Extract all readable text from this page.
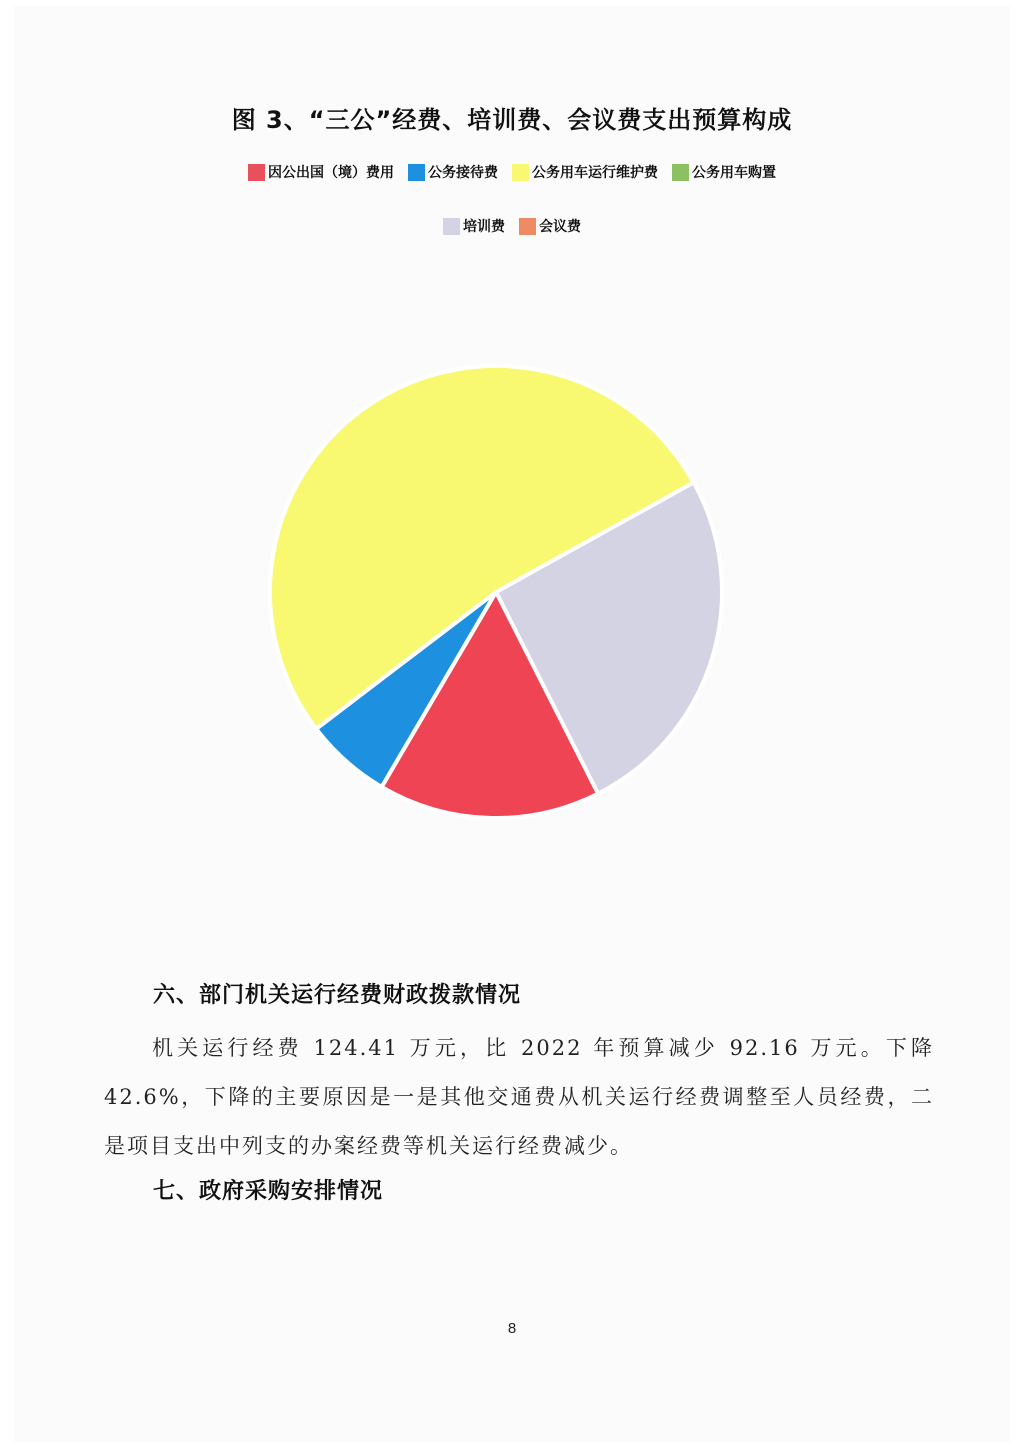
图 3、“三公”经费、培训费、会议费支出预算构成
因公出国（境）费用 公务接待费 公务用车运行维护费 公务用车购置
培训费 会议费
六、部门机关运行经费财政拨款情况
机关运行经费 124.41 万元，比 2022 年预算减少 92.16 万元。下降 42.6%，下降的主要原因是一是其他交通费从机关运行经费调整至人员经费，二是项目支出中列支的办案经费等机关运行经费减少。
七、政府采购安排情况
8
